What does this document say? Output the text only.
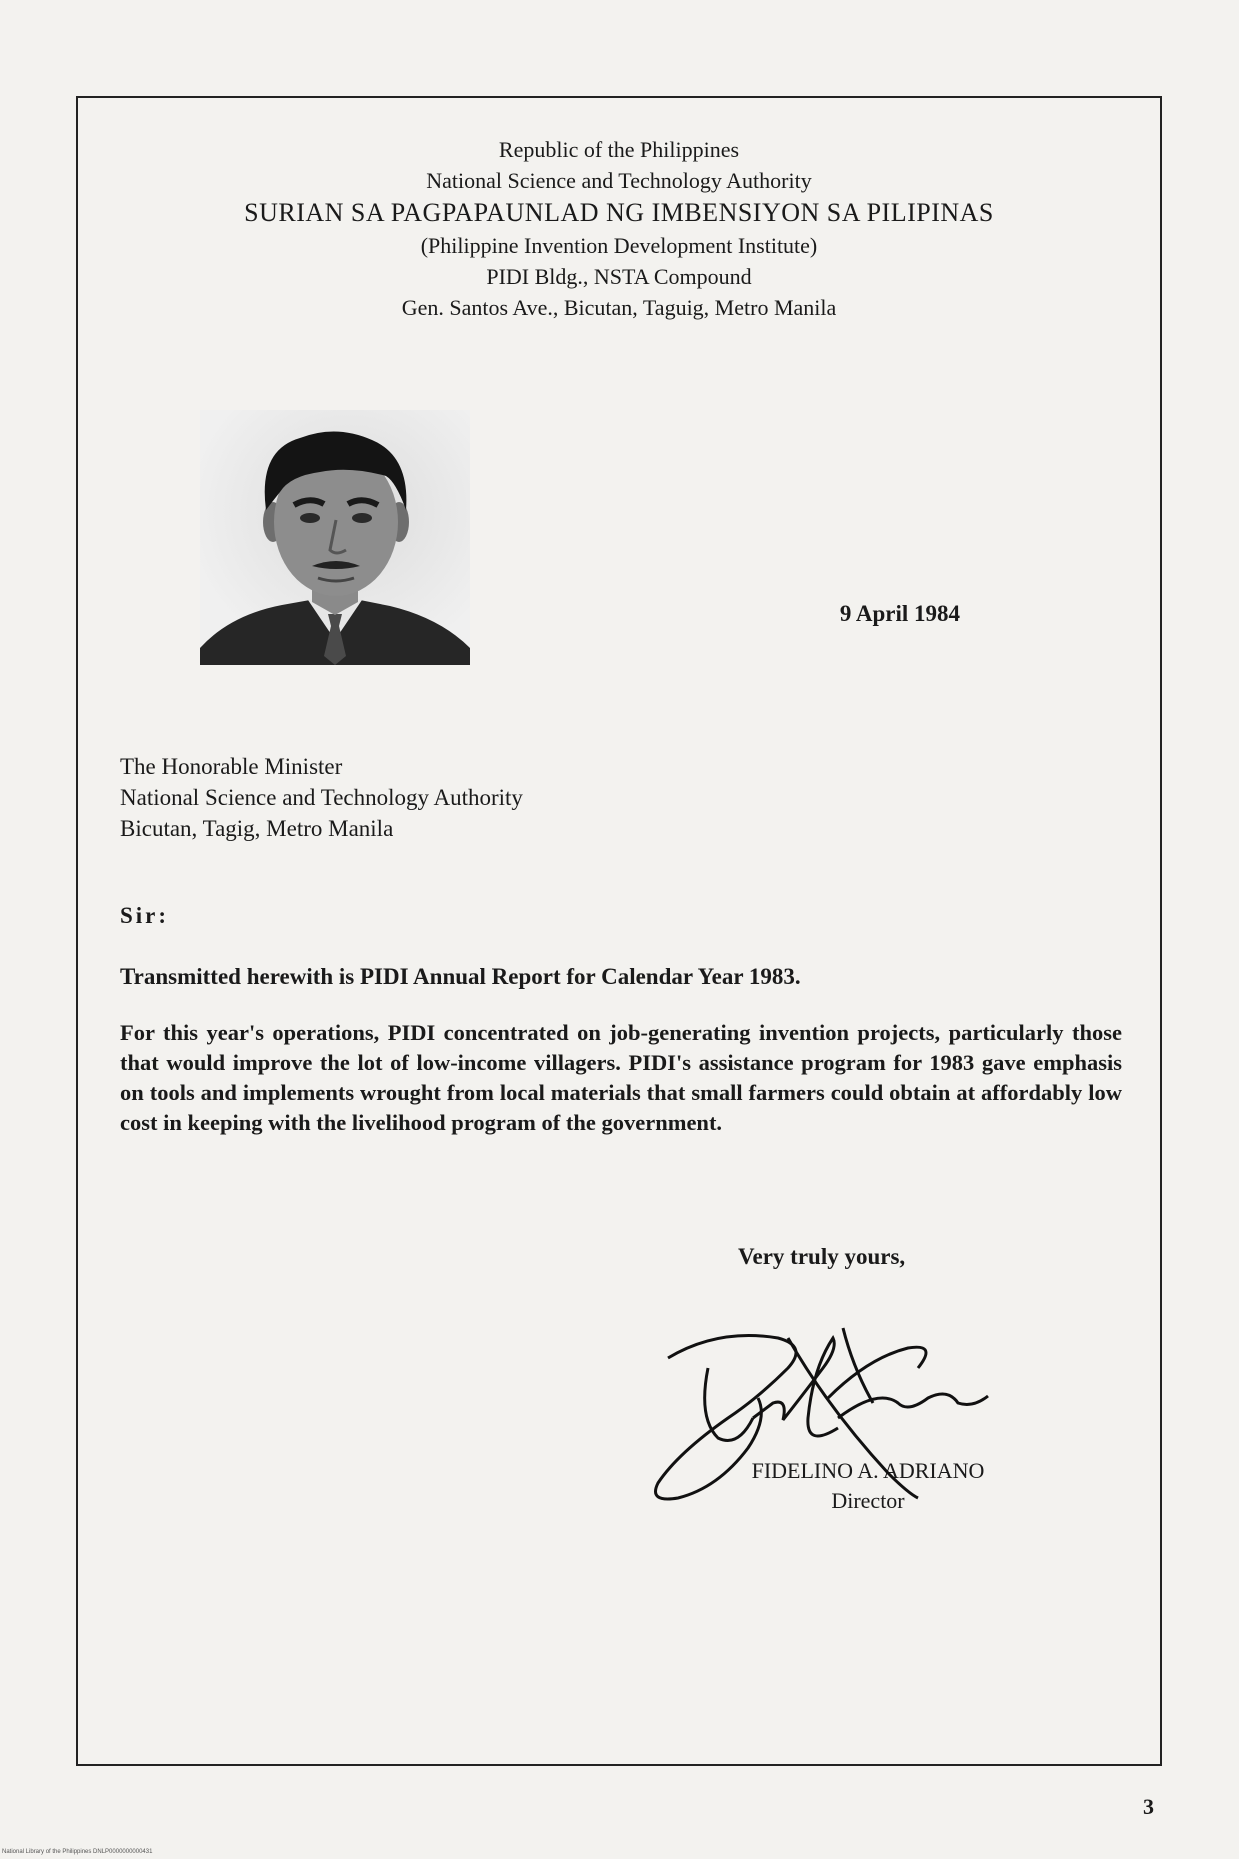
Republic of the Philippines
National Science and Technology Authority
SURIAN SA PAGPAPAUNLAD NG IMBENSIYON SA PILIPINAS
(Philippine Invention Development Institute)
PIDI Bldg., NSTA Compound
Gen. Santos Ave., Bicutan, Taguig, Metro Manila
9 April 1984
The Honorable Minister
National Science and Technology Authority
Bicutan, Tagig, Metro Manila
Sir:
Transmitted herewith is PIDI Annual Report for Calendar Year 1983.
For this year's operations, PIDI concentrated on job-generating invention projects, particularly those that would improve the lot of low-income villagers. PIDI's assistance program for 1983 gave emphasis on tools and implements wrought from local materials that small farmers could obtain at affordably low cost in keeping with the livelihood program of the government.
Very truly yours,
FIDELINO A. ADRIANO
Director
3
National Library of the Philippines DNLP0000000000431
